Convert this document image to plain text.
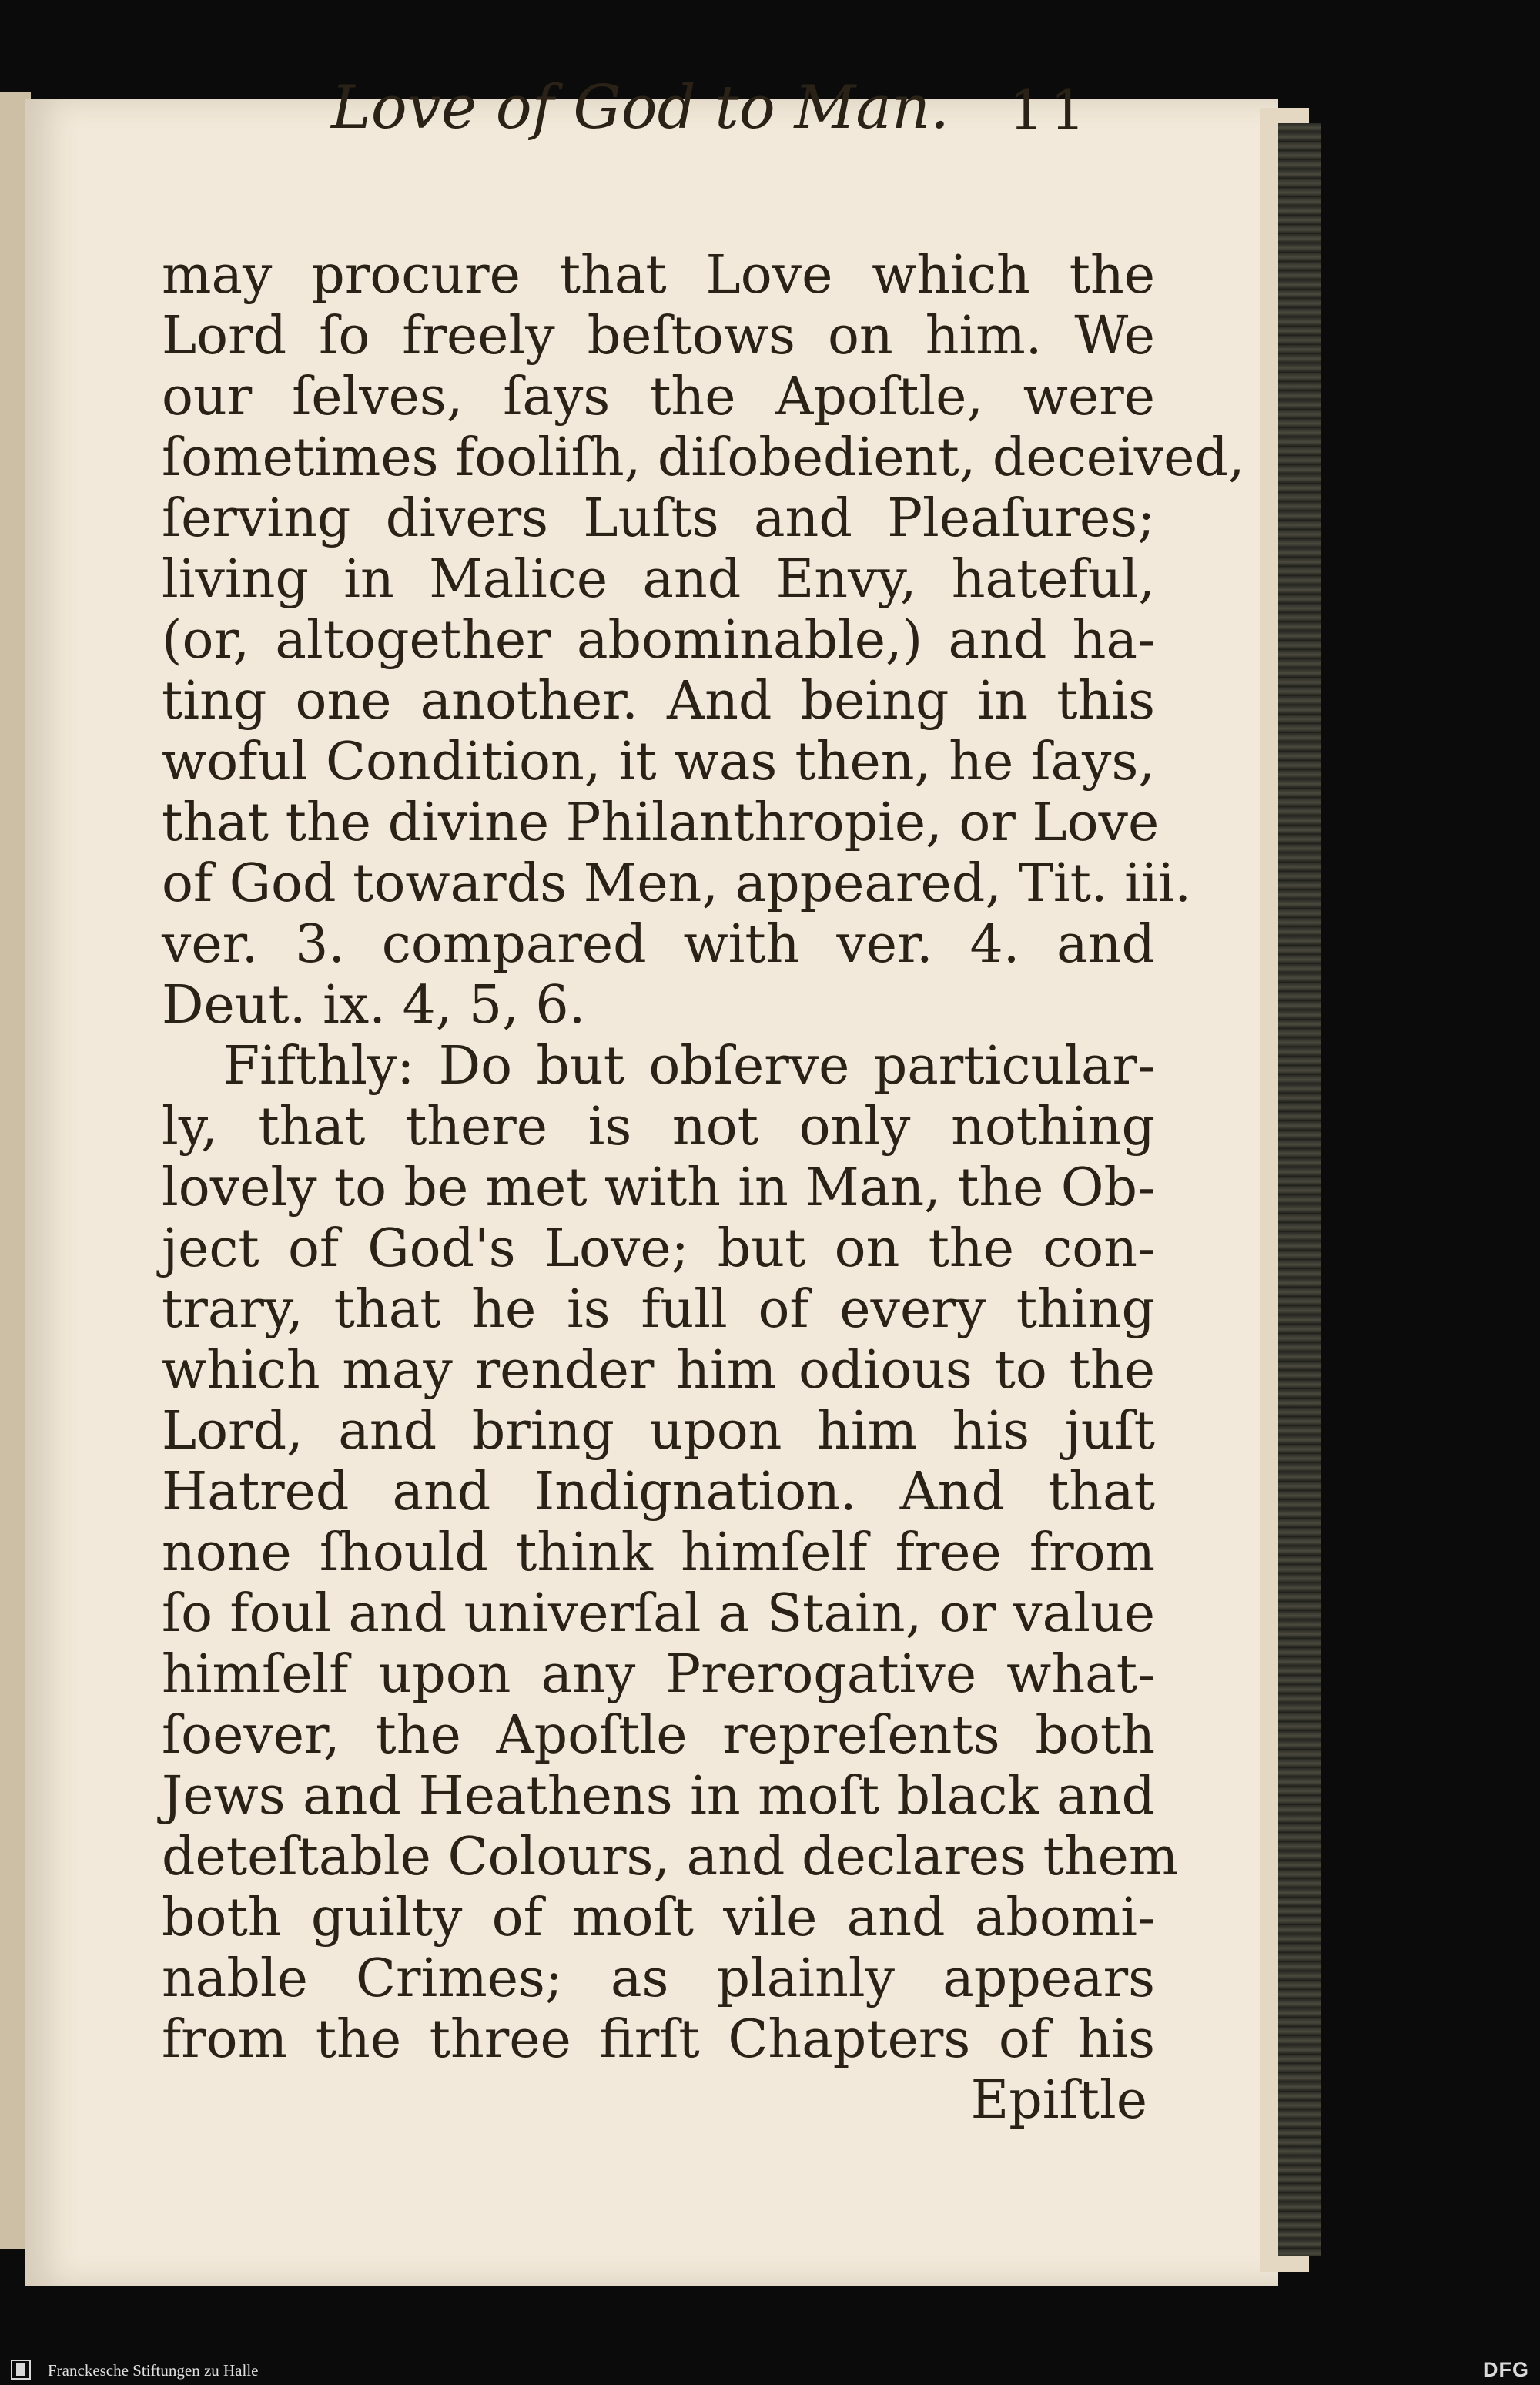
Love of God to Man. 11
may procure that Love which the
Lord ſo freely beſtows on him. We
our ſelves, ſays the Apoſtle, were
ſometimes fooliſh, diſobedient, deceived,
ſerving divers Luſts and Pleaſures;
living in Malice and Envy, hateful,
(or, altogether abominable,) and ha-
ting one another. And being in this
woful Condition, it was then, he ſays,
that the divine Philanthropie, or Love
of God towards Men, appeared, Tit. iii.
ver. 3. compared with ver. 4. and
Deut. ix. 4, 5, 6.
Fifthly: Do but obſerve particular-
ly, that there is not only nothing
lovely to be met with in Man, the Ob-
ject of God's Love; but on the con-
trary, that he is full of every thing
which may render him odious to the
Lord, and bring upon him his juſt
Hatred and Indignation. And that
none ſhould think himſelf free from
ſo foul and univerſal a Stain, or value
himſelf upon any Prerogative what-
ſoever, the Apoſtle repreſents both
Jews and Heathens in moſt black and
deteſtable Colours, and declares them
both guilty of moſt vile and abomi-
nable Crimes; as plainly appears
from the three firſt Chapters of his
Epiſtle
Franckesche Stiftungen zu Halle	DFG
